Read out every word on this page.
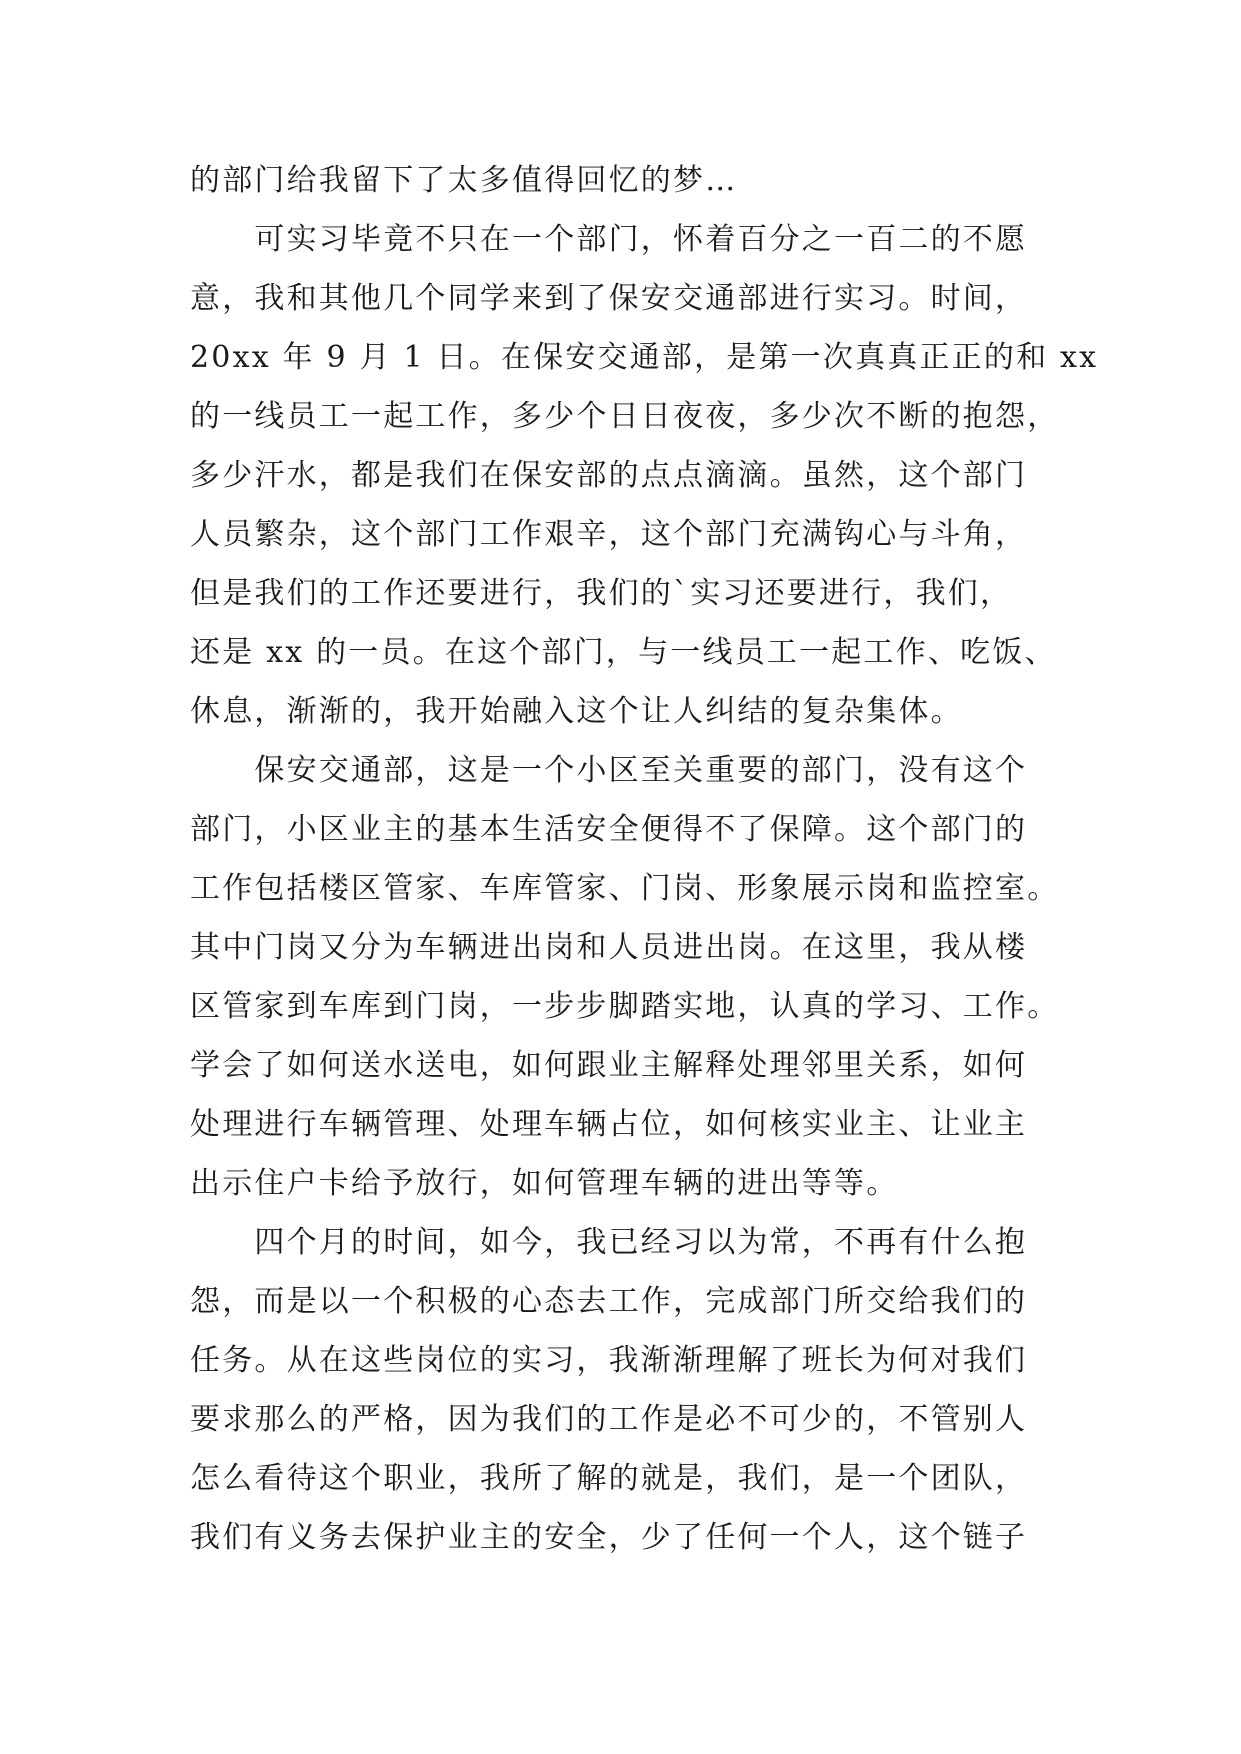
的部门给我留下了太多值得回忆的梦…
　　可实习毕竟不只在一个部门，怀着百分之一百二的不愿
意，我和其他几个同学来到了保安交通部进行实习。时间，
20xx 年 9 月 1 日。在保安交通部，是第一次真真正正的和 xx
的一线员工一起工作，多少个日日夜夜，多少次不断的抱怨，
多少汗水，都是我们在保安部的点点滴滴。虽然，这个部门
人员繁杂，这个部门工作艰辛，这个部门充满钩心与斗角，
但是我们的工作还要进行，我们的`实习还要进行，我们，
还是 xx 的一员。在这个部门，与一线员工一起工作、吃饭、
休息，渐渐的，我开始融入这个让人纠结的复杂集体。
　　保安交通部，这是一个小区至关重要的部门，没有这个
部门，小区业主的基本生活安全便得不了保障。这个部门的
工作包括楼区管家、车库管家、门岗、形象展示岗和监控室。
其中门岗又分为车辆进出岗和人员进出岗。在这里，我从楼
区管家到车库到门岗，一步步脚踏实地，认真的学习、工作。
学会了如何送水送电，如何跟业主解释处理邻里关系，如何
处理进行车辆管理、处理车辆占位，如何核实业主、让业主
出示住户卡给予放行，如何管理车辆的进出等等。
　　四个月的时间，如今，我已经习以为常，不再有什么抱
怨，而是以一个积极的心态去工作，完成部门所交给我们的
任务。从在这些岗位的实习，我渐渐理解了班长为何对我们
要求那么的严格，因为我们的工作是必不可少的，不管别人
怎么看待这个职业，我所了解的就是，我们，是一个团队，
我们有义务去保护业主的安全，少了任何一个人，这个链子
